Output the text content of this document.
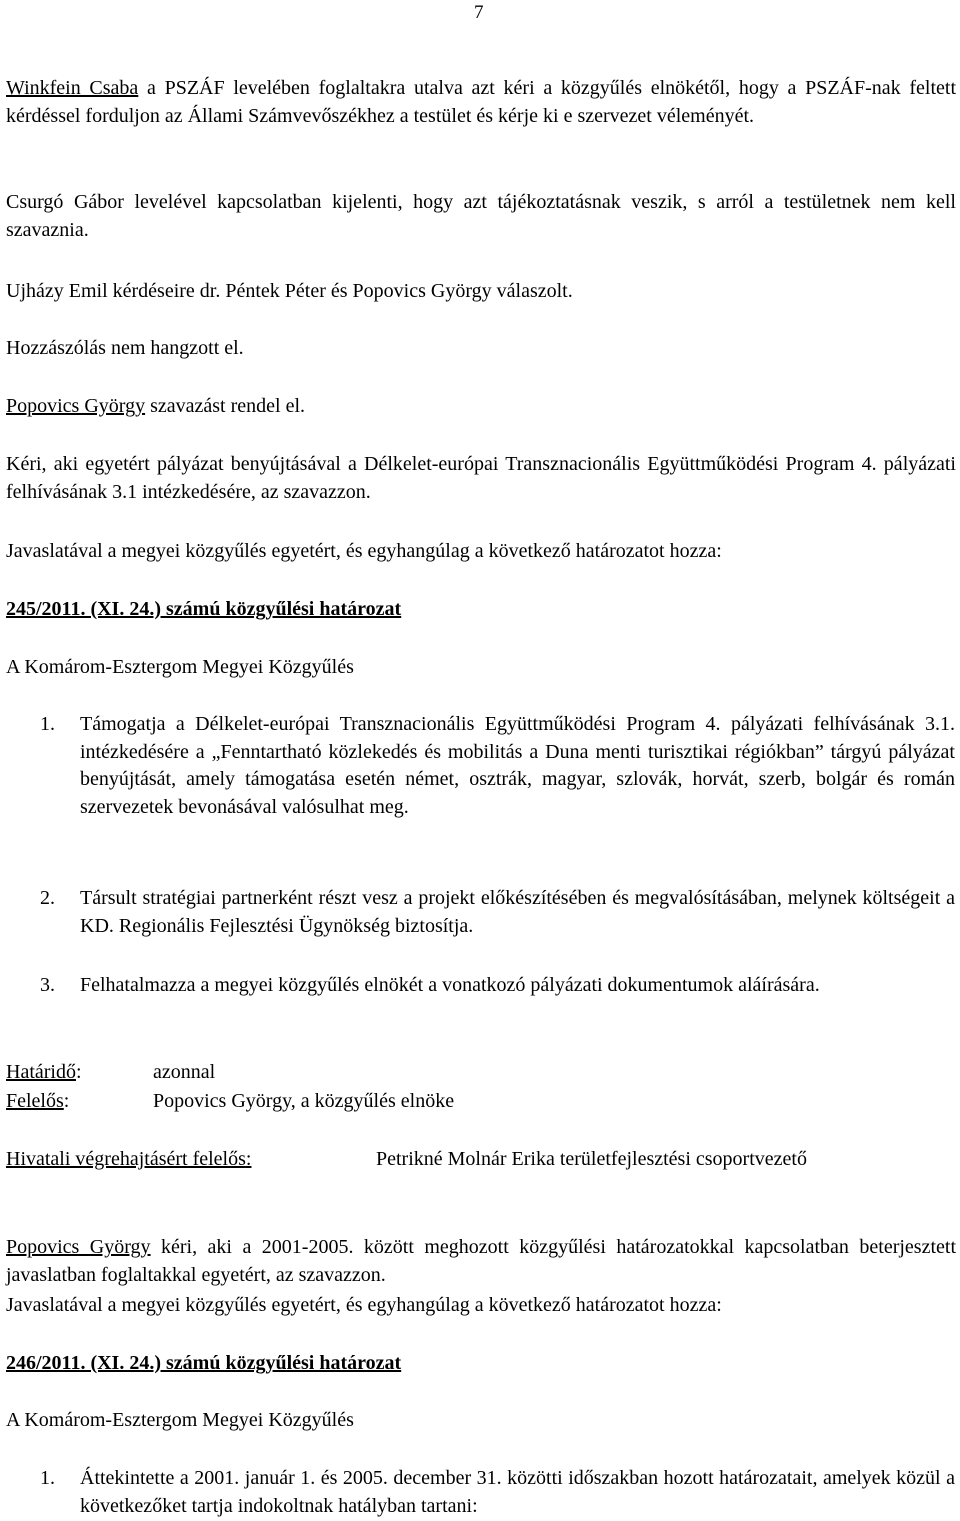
7
Winkfein Csaba a PSZÁF levelében foglaltakra utalva azt kéri a közgyűlés elnökétől, hogy a PSZÁF-nak feltett kérdéssel forduljon az Állami Számvevőszékhez a testület és kérje ki e szervezet véleményét.
Csurgó Gábor levelével kapcsolatban kijelenti, hogy azt tájékoztatásnak veszik, s arról a testületnek nem kell szavaznia.
Ujházy Emil kérdéseire dr. Péntek Péter és Popovics György válaszolt.
Hozzászólás nem hangzott el.
Popovics György szavazást rendel el.
Kéri, aki egyetért pályázat benyújtásával a Délkelet-európai Transznacionális Együttműködési Program 4. pályázati felhívásának 3.1 intézkedésére, az szavazzon.
Javaslatával a megyei közgyűlés egyetért, és egyhangúlag a következő határozatot hozza:
245/2011. (XI. 24.) számú közgyűlési határozat
A Komárom-Esztergom Megyei Közgyűlés
1. Támogatja a Délkelet-európai Transznacionális Együttműködési Program 4. pályázati felhívásának 3.1. intézkedésére a „Fenntartható közlekedés és mobilitás a Duna menti turisztikai régiókban” tárgyú pályázat benyújtását, amely támogatása esetén német, osztrák, magyar, szlovák, horvát, szerb, bolgár és román szervezetek bevonásával valósulhat meg.
2. Társult stratégiai partnerként részt vesz a projekt előkészítésében és megvalósításában, melynek költségeit a KD. Regionális Fejlesztési Ügynökség biztosítja.
3. Felhatalmazza a megyei közgyűlés elnökét a vonatkozó pályázati dokumentumok aláírására.
Határidő:	azonnal
Felelős:	Popovics György, a közgyűlés elnöke
Hivatali végrehajtásért felelős:	Petrikné Molnár Erika területfejlesztési csoportvezető
Popovics György kéri, aki a 2001-2005. között meghozott közgyűlési határozatokkal kapcsolatban beterjesztett javaslatban foglaltakkal egyetért, az szavazzon.
Javaslatával a megyei közgyűlés egyetért, és egyhangúlag a következő határozatot hozza:
246/2011. (XI. 24.) számú közgyűlési határozat
A Komárom-Esztergom Megyei Közgyűlés
1. Áttekintette a 2001. január 1. és 2005. december 31. közötti időszakban hozott határozatait, amelyek közül a következőket tartja indokoltnak hatályban tartani:
